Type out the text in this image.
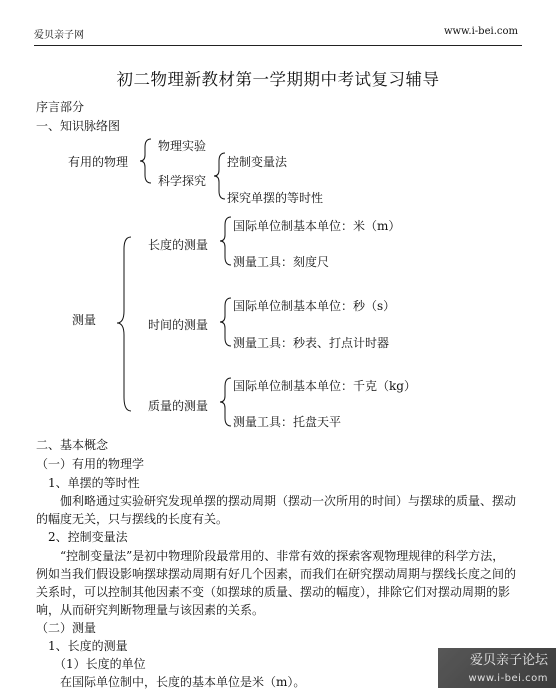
爱贝亲子网	www.i-bei.com
初二物理新教材第一学期期中考试复习辅导
序言部分
一、知识脉络图
有用的物理
物理实验
科学探究
控制变量法
探究单摆的等时性
测量
长度的测量
国际单位制基本单位：米（m）
测量工具：刻度尺
时间的测量
国际单位制基本单位：秒（s）
测量工具：秒表、打点计时器
质量的测量
国际单位制基本单位：千克（kg）
测量工具：托盘天平
二、基本概念
（一）有用的物理学
1、单摆的等时性
伽利略通过实验研究发现单摆的摆动周期（摆动一次所用的时间）与摆球的质量、摆动
的幅度无关，只与摆线的长度有关。
2、控制变量法
“控制变量法”是初中物理阶段最常用的、非常有效的探索客观物理规律的科学方法，
例如当我们假设影响摆球摆动周期有好几个因素，而我们在研究摆动周期与摆线长度之间的
关系时，可以控制其他因素不变（如摆球的质量、摆动的幅度），排除它们对摆动周期的影
响，从而研究判断物理量与该因素的关系。
（二）测量
1、长度的测量
（1）长度的单位
在国际单位制中，长度的基本单位是米（m）。
爱贝亲子论坛
www.i-bei.com
